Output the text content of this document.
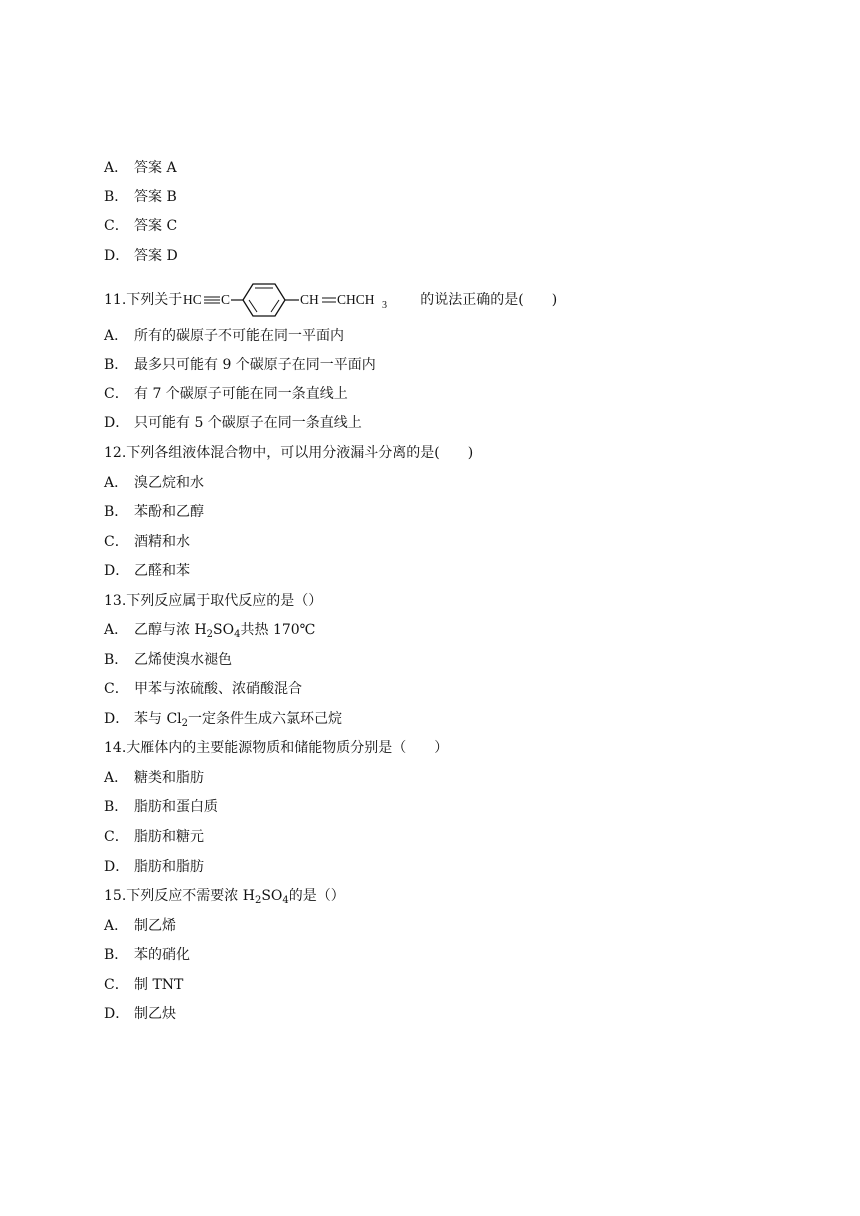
A． 答案 A
B． 答案 B
C． 答案 C
D． 答案 D
11.下列关于 HC C	CH CHCH 3 的说法正确的是(　　)
A． 所有的碳原子不可能在同一平面内
B． 最多只可能有 9 个碳原子在同一平面内
C． 有 7 个碳原子可能在同一条直线上
D． 只可能有 5 个碳原子在同一条直线上
12.下列各组液体混合物中，可以用分液漏斗分离的是(　　)
A． 溴乙烷和水
B． 苯酚和乙醇
C． 酒精和水
D． 乙醛和苯
13.下列反应属于取代反应的是（）
A． 乙醇与浓 $H_2SO_4$共热 170℃
B． 乙烯使溴水褪色
C． 甲苯与浓硫酸、浓硝酸混合
D． 苯与 $Cl_2$一定条件生成六氯环己烷
14.大雁体内的主要能源物质和储能物质分别是（　　）
A． 糖类和脂肪
B． 脂肪和蛋白质
C． 脂肪和糖元
D． 脂肪和脂肪
15.下列反应不需要浓 $H_2SO_4$的是（）
A． 制乙烯
B． 苯的硝化
C． 制 TNT
D． 制乙炔
